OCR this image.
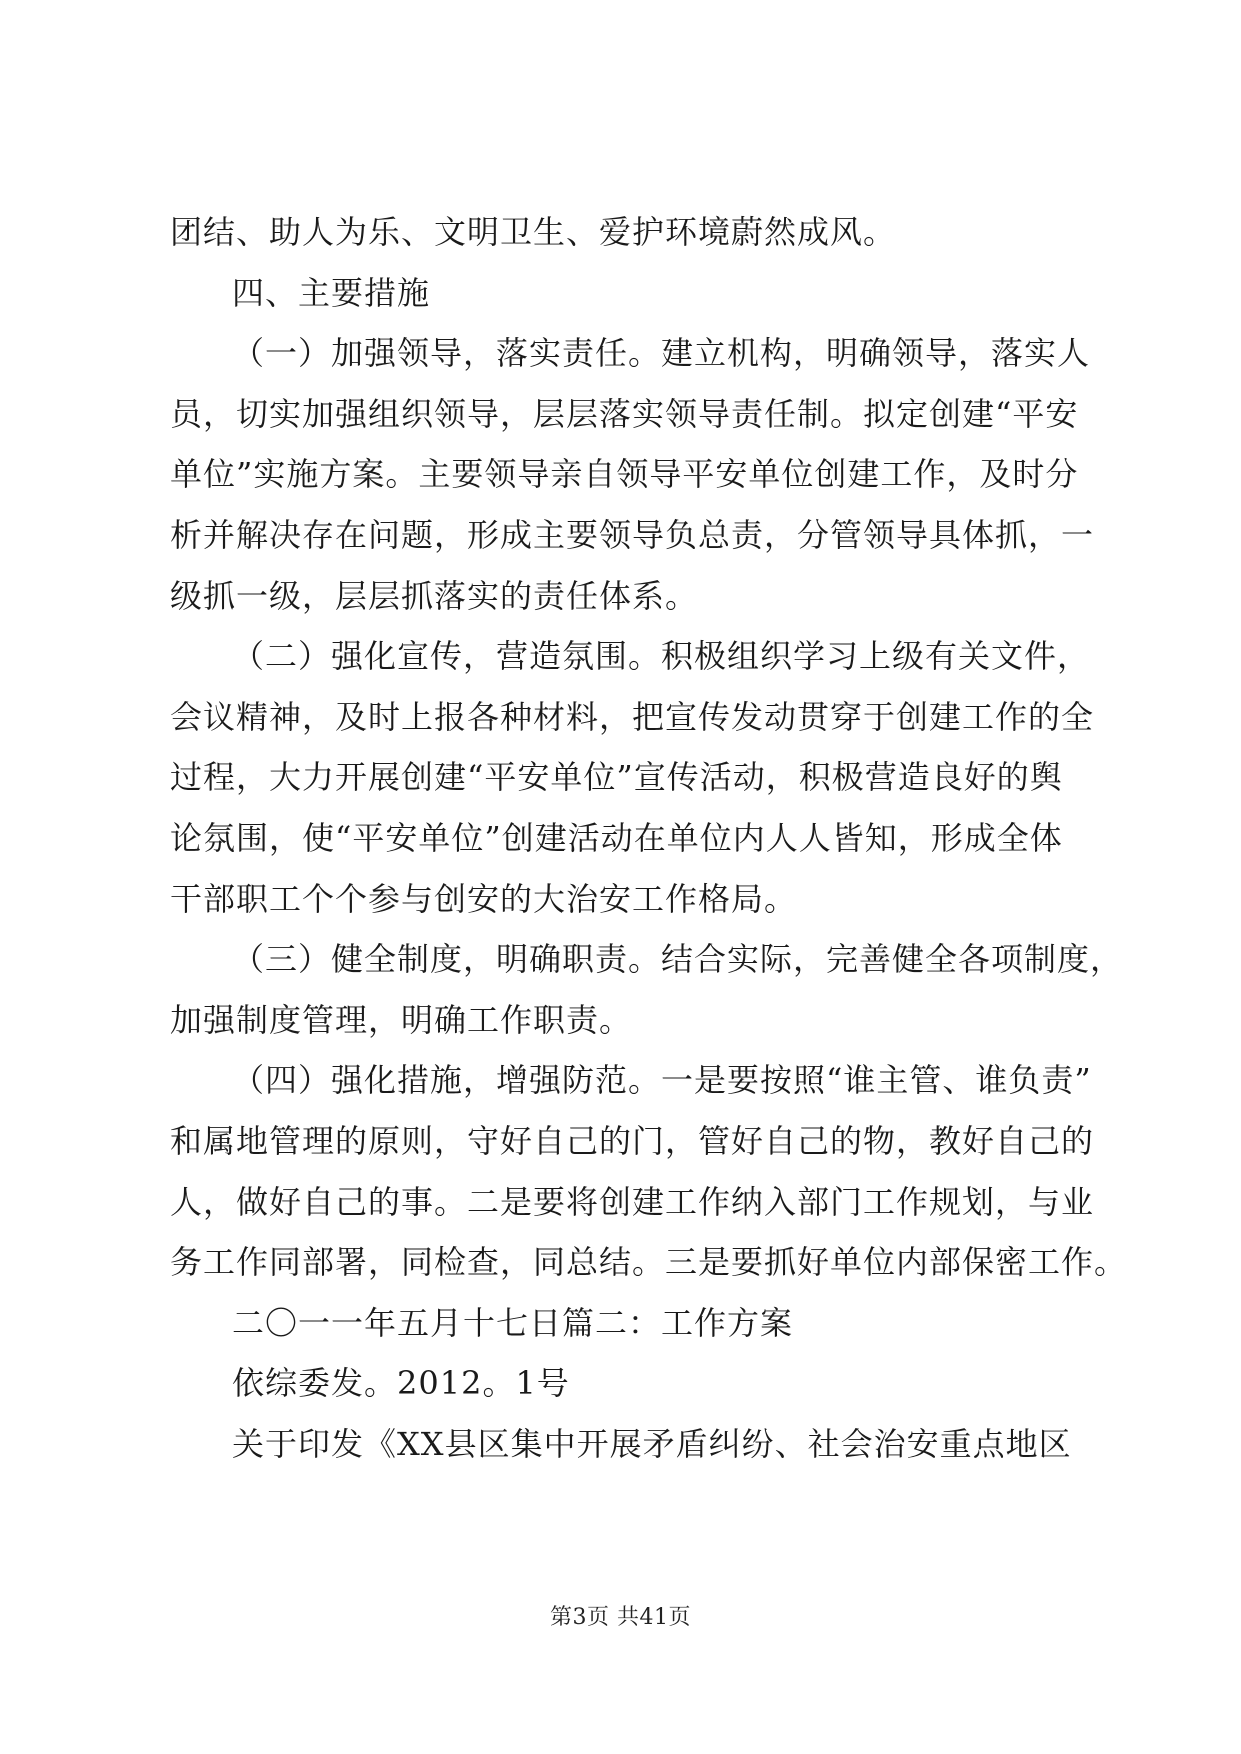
团结、助人为乐、文明卫生、爱护环境蔚然成风。
四、主要措施
（一）加强领导，落实责任。建立机构，明确领导，落实人
员，切实加强组织领导，层层落实领导责任制。拟定创建“平安
单位”实施方案。主要领导亲自领导平安单位创建工作，及时分
析并解决存在问题，形成主要领导负总责，分管领导具体抓，一
级抓一级，层层抓落实的责任体系。
（二）强化宣传，营造氛围。积极组织学习上级有关文件，
会议精神，及时上报各种材料，把宣传发动贯穿于创建工作的全
过程，大力开展创建“平安单位”宣传活动，积极营造良好的舆
论氛围，使“平安单位”创建活动在单位内人人皆知，形成全体
干部职工个个参与创安的大治安工作格局。
（三）健全制度，明确职责。结合实际，完善健全各项制度，
加强制度管理，明确工作职责。
（四）强化措施，增强防范。一是要按照“谁主管、谁负责”
和属地管理的原则，守好自己的门，管好自己的物，教好自己的
人，做好自己的事。二是要将创建工作纳入部门工作规划，与业
务工作同部署，同检查，同总结。三是要抓好单位内部保密工作。
二〇一一年五月十七日篇二：工作方案
依综委发。2012。1号
关于印发《XX县区集中开展矛盾纠纷、社会治安重点地区
第3页 共41页
